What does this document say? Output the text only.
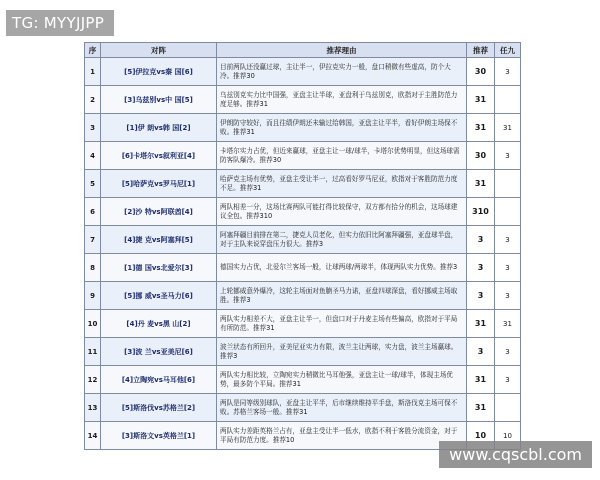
TG: MYYJJPP
序	对阵	推荐理由	推荐	任九
1	[5]伊拉克vs秦 国[6]	目前两队还没赢过球，主让半一，伊拉克实力一般，盘口稍微有些虚高，防个大冷。推荐30	30	3
2	[3]乌兹别vs中 国[5]	乌兹别克实力比中国强，亚盘主让半球，亚盘利于乌兹别克，欧指对于主胜防范力度足够。推荐31	31	
3	[1]伊 朗vs韩 国[2]	伊朗防守较好，而且往绩伊朗还未输过给韩国，亚盘主让平半，看好伊朗主场保不败。推荐31	31	31
4	[6]卡塔尔vs叙利亚[4]	卡塔尔实力占优，但近来赢球，亚盘主让一球/球半，卡塔尔优势明显，但这场球需防客队爆冷。推荐30	30	3
5	[5]哈萨克vs罗马尼[1]	哈萨克主场有优势，亚盘主受让半一，过高看好罗马尼亚，欧指对于客胜防范力度不足。推荐31	31	
6	[2]沙 特vs阿联酋[4]	两队相差一分，这场比赛两队可能打得比较保守，双方都有拾分的机会，这场球建议全包。推荐310	310	
7	[4]捷 克vs阿塞拜[5]	阿塞拜疆目前排在第二，捷克人员老化，但实力依旧比阿塞拜疆强，亚盘球半盘，对于主队来说穿盘压力很大。推荐3	3	3
8	[1]德 国vs北爱尔[3]	德国实力占优，北爱尔兰客场一般，让球两球/两球半，体现两队实力优势。推荐3	3	3
9	[5]挪 威vs圣马力[6]	上轮挪威意外爆冷，这轮主场面对鱼腩圣马力诺，亚盘四球深盘，看好挪威主场取胜。推荐3	3	3
10	[4]丹 麦vs黑 山[2]	两队实力相差不大，亚盘主让半一，但盘口对于丹麦主场有些偏高，欧指对于平局有所防范。推荐31	31	31
11	[3]波 兰vs亚美尼[6]	波兰状态有所回升，亚美尼亚实力有限，波兰主让两球，实力盘，波兰主场赢球。推荐3	3	3
12	[4]立陶宛vs马耳他[6]	两队实力相比较，立陶宛实力稍微比马耳他强，亚盘主让一球/球半，体现主场优势，最多防个平局。推荐31	31	3
13	[5]斯洛伐vs苏格兰[2]	两队是同等级别球队，亚盘主让平半，后市继续维持平手盘，斯洛伐克主场可保不败。苏格兰客场一般。推荐31	31	
14	[3]斯洛文vs英格兰[1]	两队实力差距英格兰占有，亚盘主受让半一低水，欧指不利于客胜分流资金，对于平局有防范力度。推荐10	10	10
www.cqscbl.com
